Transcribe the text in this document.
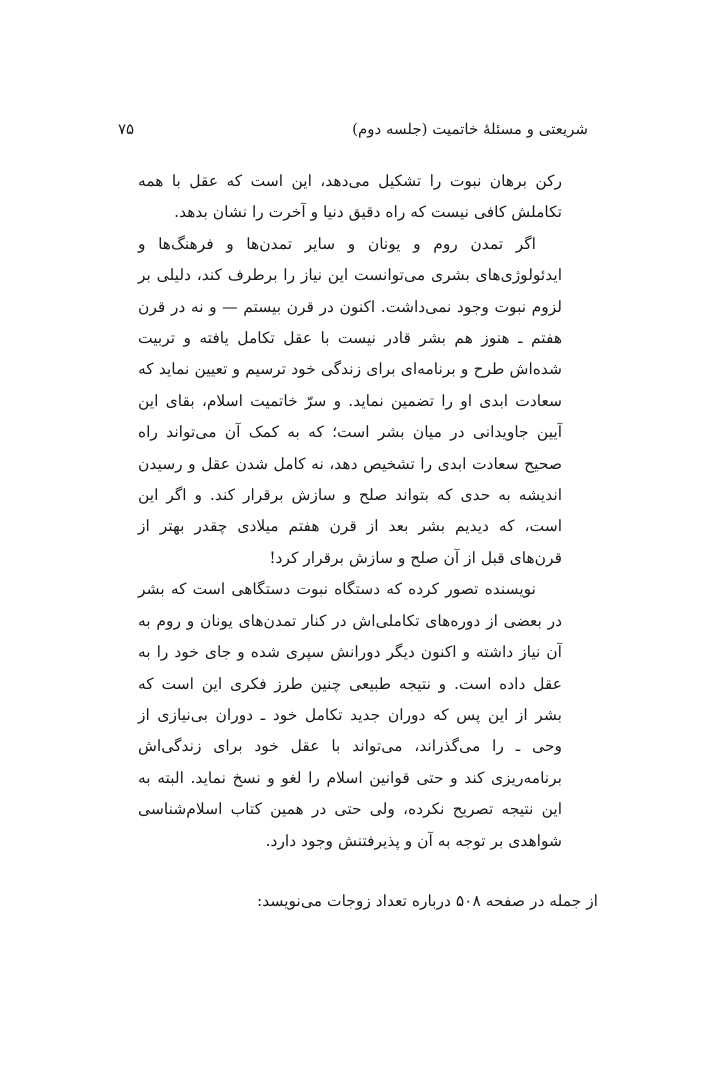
شریعتی و مسئلهٔ خاتمیت (جلسه دوم)
۷۵

رکن برهان نبوت را تشکیل می‌دهد، این است که عقل با همه تکاملش کافی نیست که راه دقیق دنیا و آخرت را نشان بدهد.

اگر تمدن روم و یونان و سایر تمدن‌ها و فرهنگ‌ها و ایدئولوژی‌های بشری می‌توانست این نیاز را برطرف کند، دلیلی بر لزوم نبوت وجود نمی‌داشت. اکنون در قرن بیستم — و نه در قرن هفتم ـ هنوز هم بشر قادر نیست با عقل تکامل یافته و تربیت شده‌اش طرح و برنامه‌ای برای زندگی خود ترسیم و تعیین نماید که سعادت ابدی او را تضمین نماید. و سرّ خاتمیت اسلام، بقای این آیین جاویدانی در میان بشر است؛ که به کمک آن می‌تواند راه صحیح سعادت ابدی را تشخیص دهد، نه کامل شدن عقل و رسیدن اندیشه به حدی که بتواند صلح و سازش برقرار کند. و اگر این است، که دیدیم بشر بعد از قرن هفتم میلادی چقدر بهتر از قرن‌های قبل از آن صلح و سازش برقرار کرد!

نویسنده تصور کرده که دستگاه نبوت دستگاهی است که بشر در بعضی از دوره‌های تکاملی‌اش در کنار تمدن‌های یونان و روم به آن نیاز داشته و اکنون دیگر دورانش سپری شده و جای خود را به عقل داده است. و نتیجه طبیعی چنین طرز فکری این است که بشر از این پس که دوران جدید تکامل خود ـ دوران بی‌نیازی از وحی ـ را می‌گذراند، می‌تواند با عقل خود برای زندگی‌اش برنامه‌ریزی کند و حتی قوانین اسلام را لغو و نسخ نماید. البته به این نتیجه تصریح نکرده، ولی حتی در همین کتاب اسلام‌شناسی شواهدی بر توجه به آن و پذیرفتنش وجود دارد.

از جمله در صفحه ۵۰۸ درباره تعداد زوجات می‌نویسد:
